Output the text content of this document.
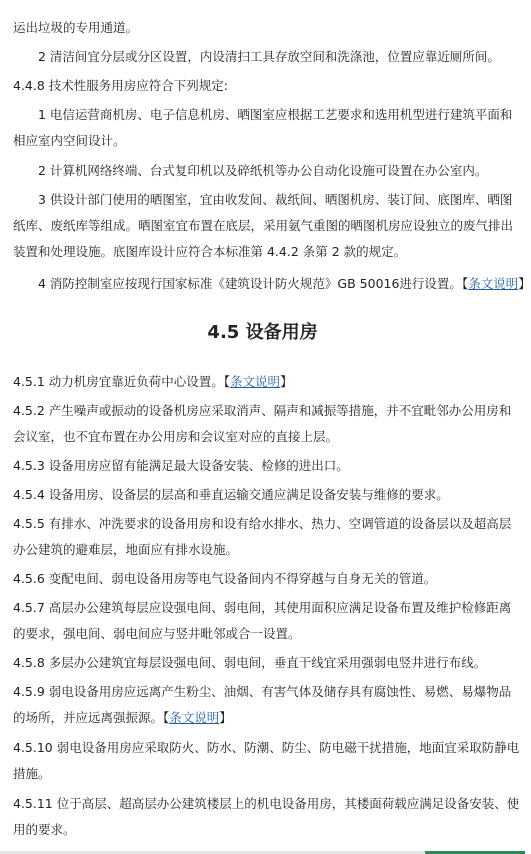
运出垃圾的专用通道。
2 清洁间宜分层或分区设置，内设清扫工具存放空间和洗涤池，位置应靠近厕所间。
4.4.8 技术性服务用房应符合下列规定:
1 电信运营商机房、电子信息机房、晒图室应根据工艺要求和选用机型进行建筑平面和
相应室内空间设计。
2 计算机网络终端、台式复印机以及碎纸机等办公自动化设施可设置在办公室内。
3 供设计部门使用的晒图室，宜由收发间、裁纸间、晒图机房、装订间、底图库、晒图
纸库、废纸库等组成。晒图室宜布置在底层，采用氨气重图的晒图机房应设独立的废气排出
装置和处理设施。底图库设计应符合本标准第 4.4.2 条第 2 款的规定。
4 消防控制室应按现行国家标准《建筑设计防火规范》GB 50016进行设置。【条文说明】
4.5 设备用房
4.5.1 动力机房宜靠近负荷中心设置。【条文说明】
4.5.2 产生噪声或振动的设备机房应采取消声、隔声和减振等措施，并不宜毗邻办公用房和
会议室，也不宜布置在办公用房和会议室对应的直接上层。
4.5.3 设备用房应留有能满足最大设备安装、检修的进出口。
4.5.4 设备用房、设备层的层高和垂直运输交通应满足设备安装与维修的要求。
4.5.5 有排水、冲洗要求的设备用房和设有给水排水、热力、空调管道的设备层以及超高层
办公建筑的避难层，地面应有排水设施。
4.5.6 变配电间、弱电设备用房等电气设备间内不得穿越与自身无关的管道。
4.5.7 高层办公建筑每层应设强电间、弱电间，其使用面积应满足设备布置及维护检修距离
的要求，强电间、弱电间应与竖井毗邻或合一设置。
4.5.8 多层办公建筑宜每层设强电间、弱电间，垂直干线宜采用强弱电竖井进行布线。
4.5.9 弱电设备用房应远离产生粉尘、油烟、有害气体及储存具有腐蚀性、易燃、易爆物品
的场所，并应远离强振源。【条文说明】
4.5.10 弱电设备用房应采取防火、防水、防潮、防尘、防电磁干扰措施，地面宜采取防静电
措施。
4.5.11 位于高层、超高层办公建筑楼层上的机电设备用房，其楼面荷载应满足设备安装、使
用的要求。
